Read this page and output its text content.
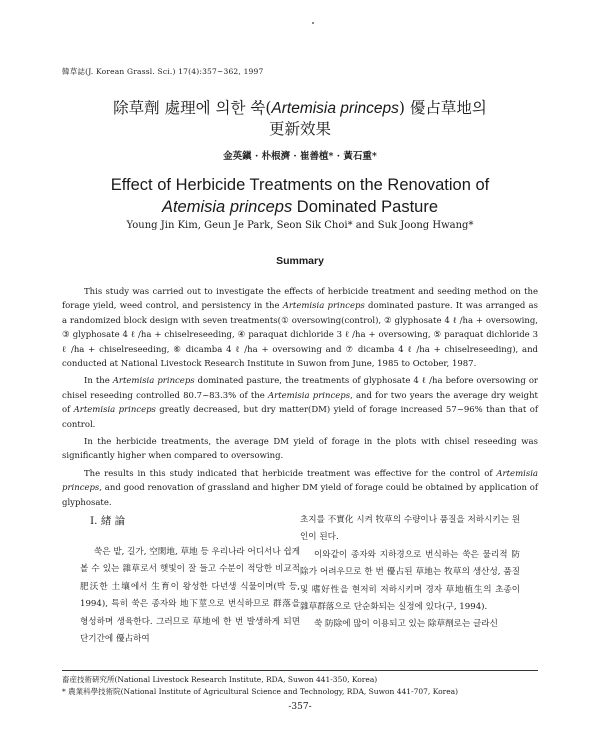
韓草誌(J. Korean Grassl. Sci.) 17(4):357~362, 1997
除草劑 處理에 의한 쑥(Artemisia princeps) 優占草地의
更新效果
金英鎭 · 朴根濟 · 崔善植* · 黃石重*
Effect of Herbicide Treatments on the Renovation of
Atemisia princeps Dominated Pasture
Young Jin Kim, Geun Je Park, Seon Sik Choi* and Suk Joong Hwang*
Summary

This study was carried out to investigate the effects of herbicide treatment and seeding method on the forage yield, weed control, and persistency in the Artemisia princeps dominated pasture. It was arranged as a randomized block design with seven treatments(① oversowing(control), ② glyphosate 4 ℓ /ha + oversowing, ③ glyphosate 4 ℓ /ha + chiselreseeding, ④ paraquat dichloride 3 ℓ /ha + oversowing, ⑤ paraquat dichloride 3 ℓ /ha + chiselreseeding, ⑥ dicamba 4 ℓ /ha + oversowing and ⑦ dicamba 4 ℓ /ha + chiselreseeding), and conducted at National Livestock Research Institute in Suwon from June, 1985 to October, 1987.

In the Artemisia princeps dominated pasture, the treatments of glyphosate 4 ℓ /ha before oversowing or chisel reseeding controlled 80.7~83.3% of the Artemisia princeps, and for two years the average dry weight of Artemisia princeps greatly decreased, but dry matter(DM) yield of forage increased 57~96% than that of control.

In the herbicide treatments, the average DM yield of forage in the plots with chisel reseeding was significantly higher when compared to oversowing.

The results in this study indicated that herbicide treatment was effective for the control of Artemisia princeps, and good renovation of grassland and higher DM yield of forage could be obtained by application of glyphosate.

Ⅰ. 緖 論

쑥은 밭, 길가, 空閑地, 草地 등 우리나라 어디서나 쉽게 볼 수 있는 雜草로서 햇빛이 잘 들고 수분이 적당한 비교적 肥沃한 土壤에서 生育이 왕성한 다년생 식물이며(박 등, 1994), 특히 쑥은 종자와 地下莖으로 번식하므로 群落을 형성하며 생육한다. 그러므로 草地에 한 번 발생하게 되면 단기간에 優占하여

초지를 不實化 시켜 牧草의 수량이나 품질을 저하시키는 원인이 된다.

이와같이 종자와 지하경으로 번식하는 쑥은 물리적 防除가 어려우므로 한 번 優占된 草地는 牧草의 생산성, 품질 및 嗜好性을 현저히 저하시키며 경자 草地植生의 초종이 雜草群落으로 단순화되는 실정에 있다(구, 1994).

쑥 防除에 많이 이용되고 있는 除草劑로는 글라신

畜産技術硏究所(National Livestock Research Institute, RDA, Suwon 441-350, Korea)
* 農業科學技術院(National Institute of Agricultural Science and Technology, RDA, Suwon 441-707, Korea)
-357-
